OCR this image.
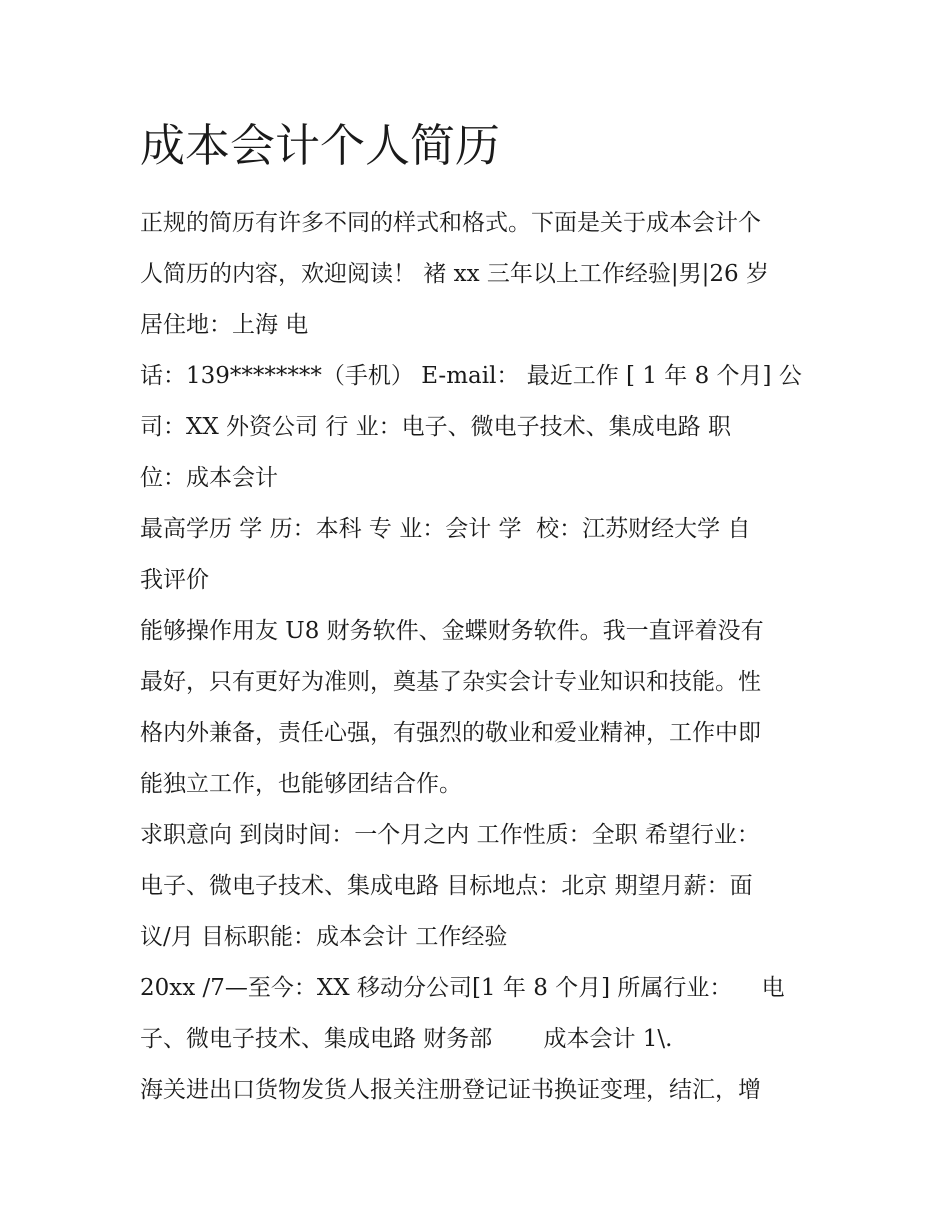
成本会计个人简历

正规的简历有许多不同的样式和格式。下面是关于成本会计个

人简历的内容，欢迎阅读！ 褚 xx 三年以上工作经验|男|26 岁

居住地：上海 电

话：139********（手机） E-mail： 最近工作 [ 1 年 8 个月] 公

司：XX 外资公司 行 业：电子、微电子技术、集成电路 职

位：成本会计

最高学历 学 历：本科 专 业：会计 学  校：江苏财经大学 自

我评价

能够操作用友 U8 财务软件、金蝶财务软件。我一直评着没有

最好，只有更好为准则，奠基了杂实会计专业知识和技能。性

格内外兼备，责任心强，有强烈的敬业和爱业精神，工作中即

能独立工作，也能够团结合作。

求职意向 到岗时间：一个月之内 工作性质：全职 希望行业：

电子、微电子技术、集成电路 目标地点：北京 期望月薪：面

议/月 目标职能：成本会计 工作经验

20xx /7—至今：XX 移动分公司[1 年 8 个月] 所属行业：    电

子、微电子技术、集成电路 财务部       成本会计 1\.

海关进出口货物发货人报关注册登记证书换证变理，结汇，增
